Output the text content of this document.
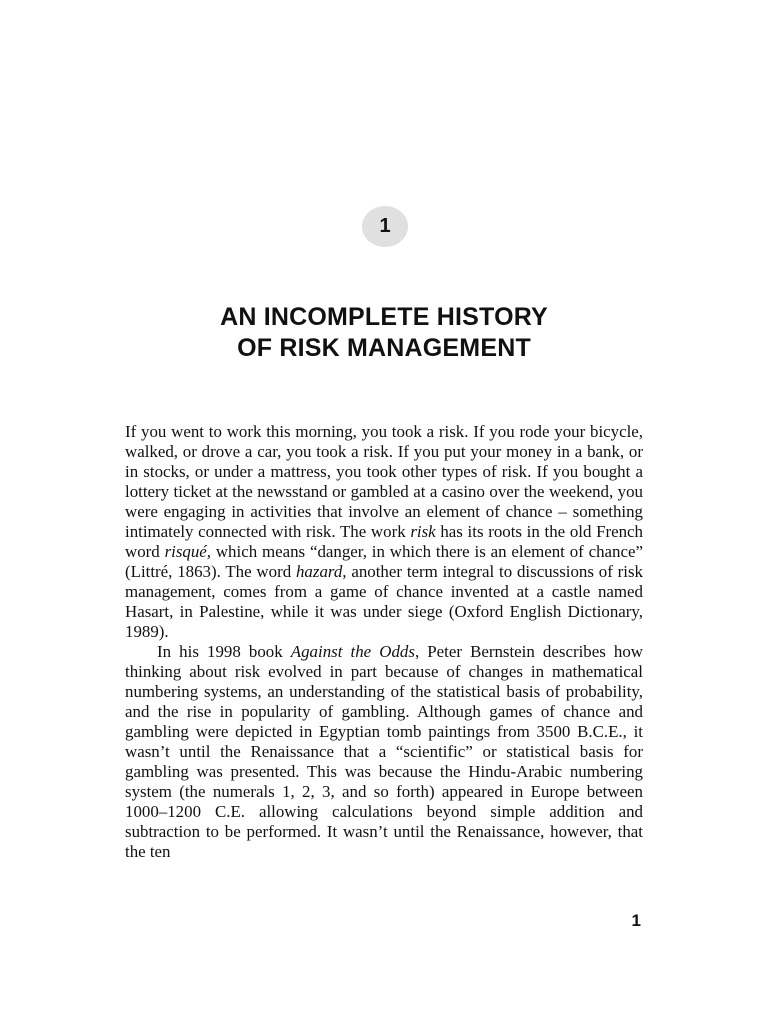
1
AN INCOMPLETE HISTORY
OF RISK MANAGEMENT

If you went to work this morning, you took a risk. If you rode your bicycle, walked, or drove a car, you took a risk. If you put your money in a bank, or in stocks, or under a mattress, you took other types of risk. If you bought a lottery ticket at the newsstand or gambled at a casino over the weekend, you were engaging in activities that involve an element of chance – something intimately connected with risk. The work risk has its roots in the old French word risqué, which means “danger, in which there is an element of chance” (Littré, 1863). The word hazard, another term integral to discussions of risk management, comes from a game of chance invented at a castle named Hasart, in Palestine, while it was under siege (Oxford English Dictionary, 1989).

In his 1998 book Against the Odds, Peter Bernstein describes how thinking about risk evolved in part because of changes in mathematical numbering systems, an understanding of the statistical basis of probability, and the rise in popularity of gambling. Although games of chance and gambling were depicted in Egyptian tomb paintings from 3500 B.C.E., it wasn’t until the Renaissance that a “scientific” or statistical basis for gambling was presented. This was because the Hindu-Arabic numbering system (the numerals 1, 2, 3, and so forth) appeared in Europe between 1000–1200 C.E. allowing calculations beyond simple addition and subtraction to be performed. It wasn’t until the Renaissance, however, that the ten

1
